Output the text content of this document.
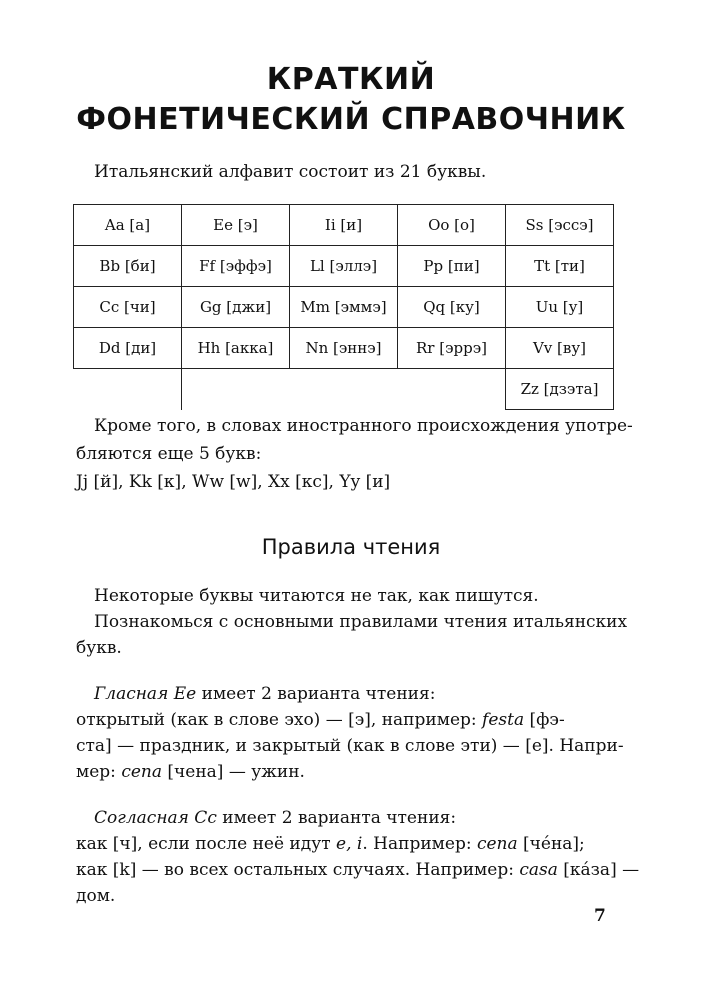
КРАТКИЙ
ФОНЕТИЧЕСКИЙ СПРАВОЧНИК
Итальянский алфавит состоит из 21 буквы.
Aa [а]	Ee [э]	Ii [и]	Oo [о]	Ss [эссэ]
Bb [би]	Ff [эффэ]	Ll [эллэ]	Pp [пи]	Tt [ти]
Cc [чи]	Gg [джи]	Mm [эммэ]	Qq [ку]	Uu [у]
Dd [ди]	Hh [акка]	Nn [эннэ]	Rr [эррэ]	Vv [ву]
				Zz [дзэта]
Кроме того, в словах иностранного происхождения употре-
бляются еще 5 букв:
Jj [й], Kk [к], Ww [w], Xx [кс], Yy [и]
Правила чтения
Некоторые буквы читаются не так, как пишутся.
Познакомься с основными правилами чтения итальянских
букв.
Гласная Ee имеет 2 варианта чтения:
открытый (как в слове эхо) — [э], например: festa [фэ-
ста] — праздник, и закрытый (как в слове эти) — [е]. Напри-
мер: cena [чена] — ужин.
Согласная Cc имеет 2 варианта чтения:
как [ч], если после неё идут e, i. Например: cena [чéна];
как [k] — во всех остальных случаях. Например: casa [кáза] —
дом.
7
